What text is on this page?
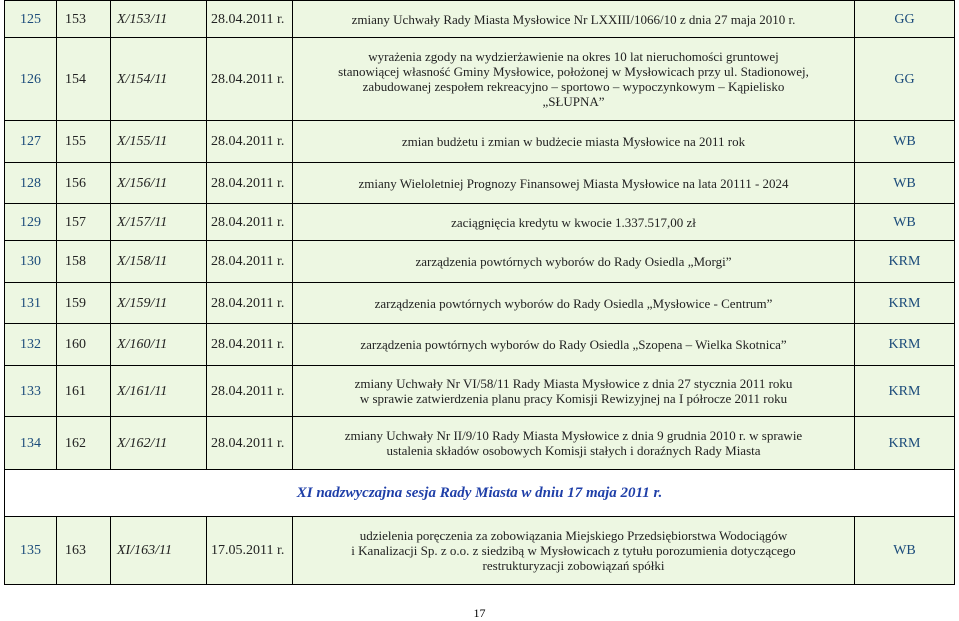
125	153	X/153/11	28.04.2011 r.	zmiany Uchwały Rady Miasta Mysłowice Nr LXXIII/1066/10 z dnia 27 maja 2010 r.	GG
126	154	X/154/11	28.04.2011 r.	wyrażenia zgody na wydzierżawienie na okres 10 lat nieruchomości gruntowej
stanowiącej własność Gminy Mysłowice, położonej w Mysłowicach przy ul. Stadionowej,
zabudowanej zespołem rekreacyjno – sportowo – wypoczynkowym – Kąpielisko
„SŁUPNA”	GG
127	155	X/155/11	28.04.2011 r.	zmian budżetu i zmian w budżecie miasta Mysłowice na 2011 rok	WB
128	156	X/156/11	28.04.2011 r.	zmiany Wieloletniej Prognozy Finansowej Miasta Mysłowice na lata 20111 - 2024	WB
129	157	X/157/11	28.04.2011 r.	zaciągnięcia kredytu w kwocie 1.337.517,00 zł	WB
130	158	X/158/11	28.04.2011 r.	zarządzenia powtórnych wyborów do Rady Osiedla „Morgi”	KRM
131	159	X/159/11	28.04.2011 r.	zarządzenia powtórnych wyborów do Rady Osiedla „Mysłowice - Centrum”	KRM
132	160	X/160/11	28.04.2011 r.	zarządzenia powtórnych wyborów do Rady Osiedla „Szopena – Wielka Skotnica”	KRM
133	161	X/161/11	28.04.2011 r.	zmiany Uchwały Nr VI/58/11 Rady Miasta Mysłowice z dnia 27 stycznia 2011 roku
w sprawie zatwierdzenia planu pracy Komisji Rewizyjnej na I półrocze 2011 roku	KRM
134	162	X/162/11	28.04.2011 r.	zmiany Uchwały Nr II/9/10 Rady Miasta Mysłowice z dnia 9 grudnia 2010 r. w sprawie
ustalenia składów osobowych Komisji stałych i doraźnych Rady Miasta	KRM
XI nadzwyczajna sesja Rady Miasta w dniu 17 maja 2011 r.					
135	163	XI/163/11	17.05.2011 r.	udzielenia poręczenia za zobowiązania Miejskiego Przedsiębiorstwa Wodociągów
i Kanalizacji Sp. z o.o. z siedzibą w Mysłowicach z tytułu porozumienia dotyczącego
restrukturyzacji zobowiązań spółki	WB
17
